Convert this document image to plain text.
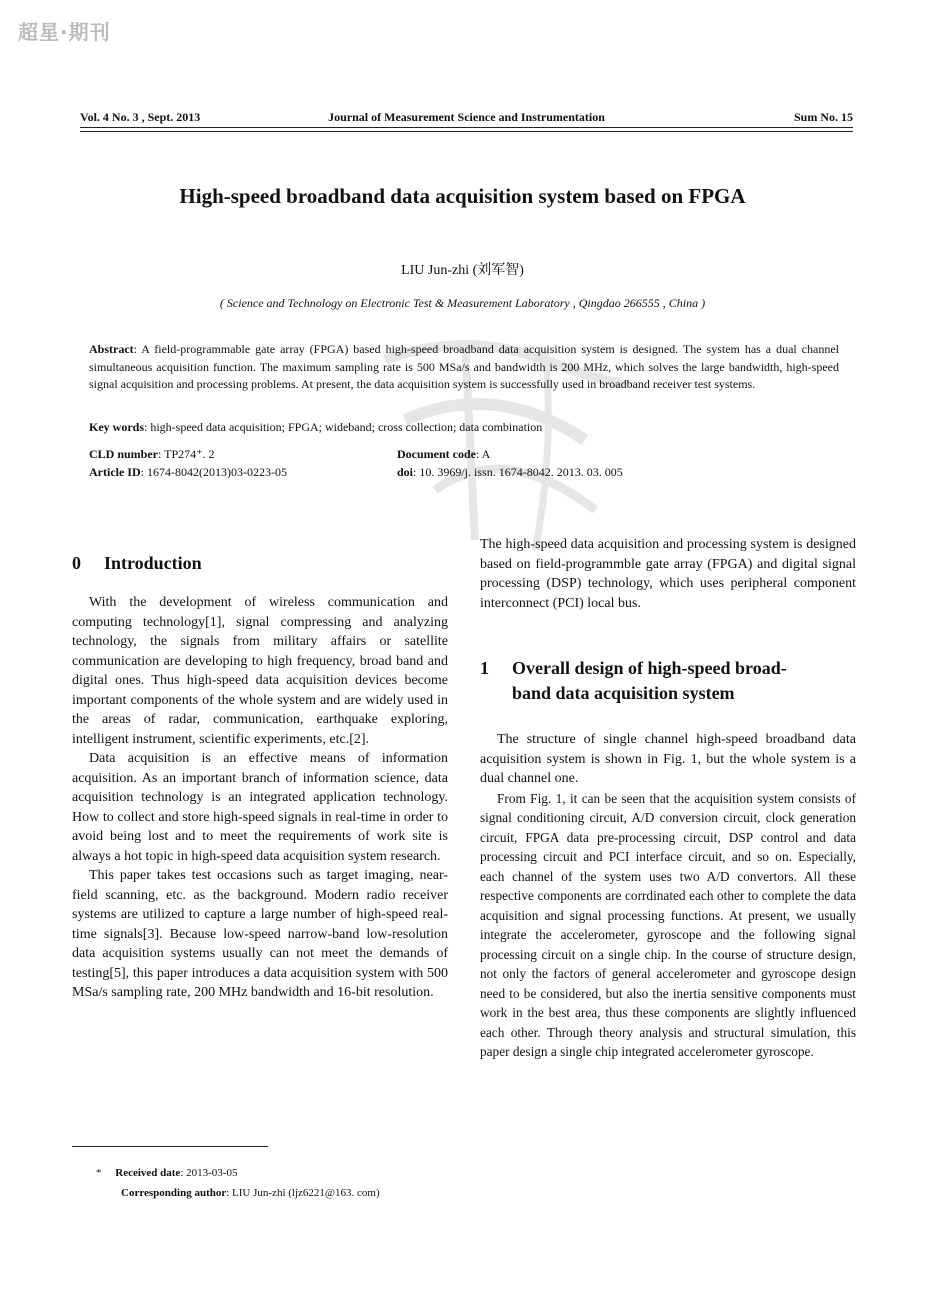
超星·期刊
Vol. 4 No. 3 , Sept. 2013	Journal of Measurement Science and Instrumentation	Sum No. 15
High-speed broadband data acquisition system based on FPGA
LIU Jun-zhi (刘军智)
( Science and Technology on Electronic Test & Measurement Laboratory , Qingdao 266555 , China )
Abstract: A field-programmable gate array (FPGA) based high-speed broadband data acquisition system is designed. The system has a dual channel simultaneous acquisition function. The maximum sampling rate is 500 MSa/s and bandwidth is 200 MHz, which solves the large bandwidth, high-speed signal acquisition and processing problems. At present, the data acquisition system is successfully used in broadband receiver test systems.
Key words: high-speed data acquisition; FPGA; wideband; cross collection; data combination
CLD number: TP274⁺. 2	Document code: A
Article ID: 1674-8042(2013)03-0223-05	doi: 10. 3969/j. issn. 1674-8042. 2013. 03. 005
0 Introduction

With the development of wireless communication and computing technology[1], signal compressing and analyzing technology, the signals from military affairs or satellite communication are developing to high frequency, broad band and digital ones. Thus high-speed data acquisition devices become important components of the whole system and are widely used in the areas of radar, communication, earthquake exploring, intelligent instrument, scientific experiments, etc.[2].

Data acquisition is an effective means of information acquisition. As an important branch of information science, data acquisition technology is an integrated application technology. How to collect and store high-speed signals in real-time in order to avoid being lost and to meet the requirements of work site is always a hot topic in high-speed data acquisition system research.

This paper takes test occasions such as target imaging, near-field scanning, etc. as the background. Modern radio receiver systems are utilized to capture a large number of high-speed real-time signals[3]. Because low-speed narrow-band low-resolution data acquisition systems usually can not meet the demands of testing[5], this paper introduces a data acquisition system with 500 MSa/s sampling rate, 200 MHz bandwidth and 16-bit resolution.

The high-speed data acquisition and processing system is designed based on field-programmble gate array (FPGA) and digital signal processing (DSP) technology, which uses peripheral component interconnect (PCI) local bus.

1 Overall design of high-speed broad-
band data acquisition system

The structure of single channel high-speed broadband data acquisition system is shown in Fig. 1, but the whole system is a dual channel one.

From Fig. 1, it can be seen that the acquisition system consists of signal conditioning circuit, A/D conversion circuit, clock generation circuit, FPGA data pre-processing circuit, DSP control and data processing circuit and PCI interface circuit, and so on. Especially, each channel of the system uses two A/D convertors. All these respective components are corrdinated each other to complete the data acquisition and signal processing functions. At present, we usually integrate the accelerometer, gyroscope and the following signal processing circuit on a single chip. In the course of structure design, not only the factors of general accelerometer and gyroscope design need to be considered, but also the inertia sensitive components must work in the best area, thus these components are slightly influenced each other. Through theory analysis and structural simulation, this paper design a single chip integrated accelerometer gyroscope.

* Received date: 2013-03-05
Corresponding author: LIU Jun-zhi (ljz6221@163. com)
